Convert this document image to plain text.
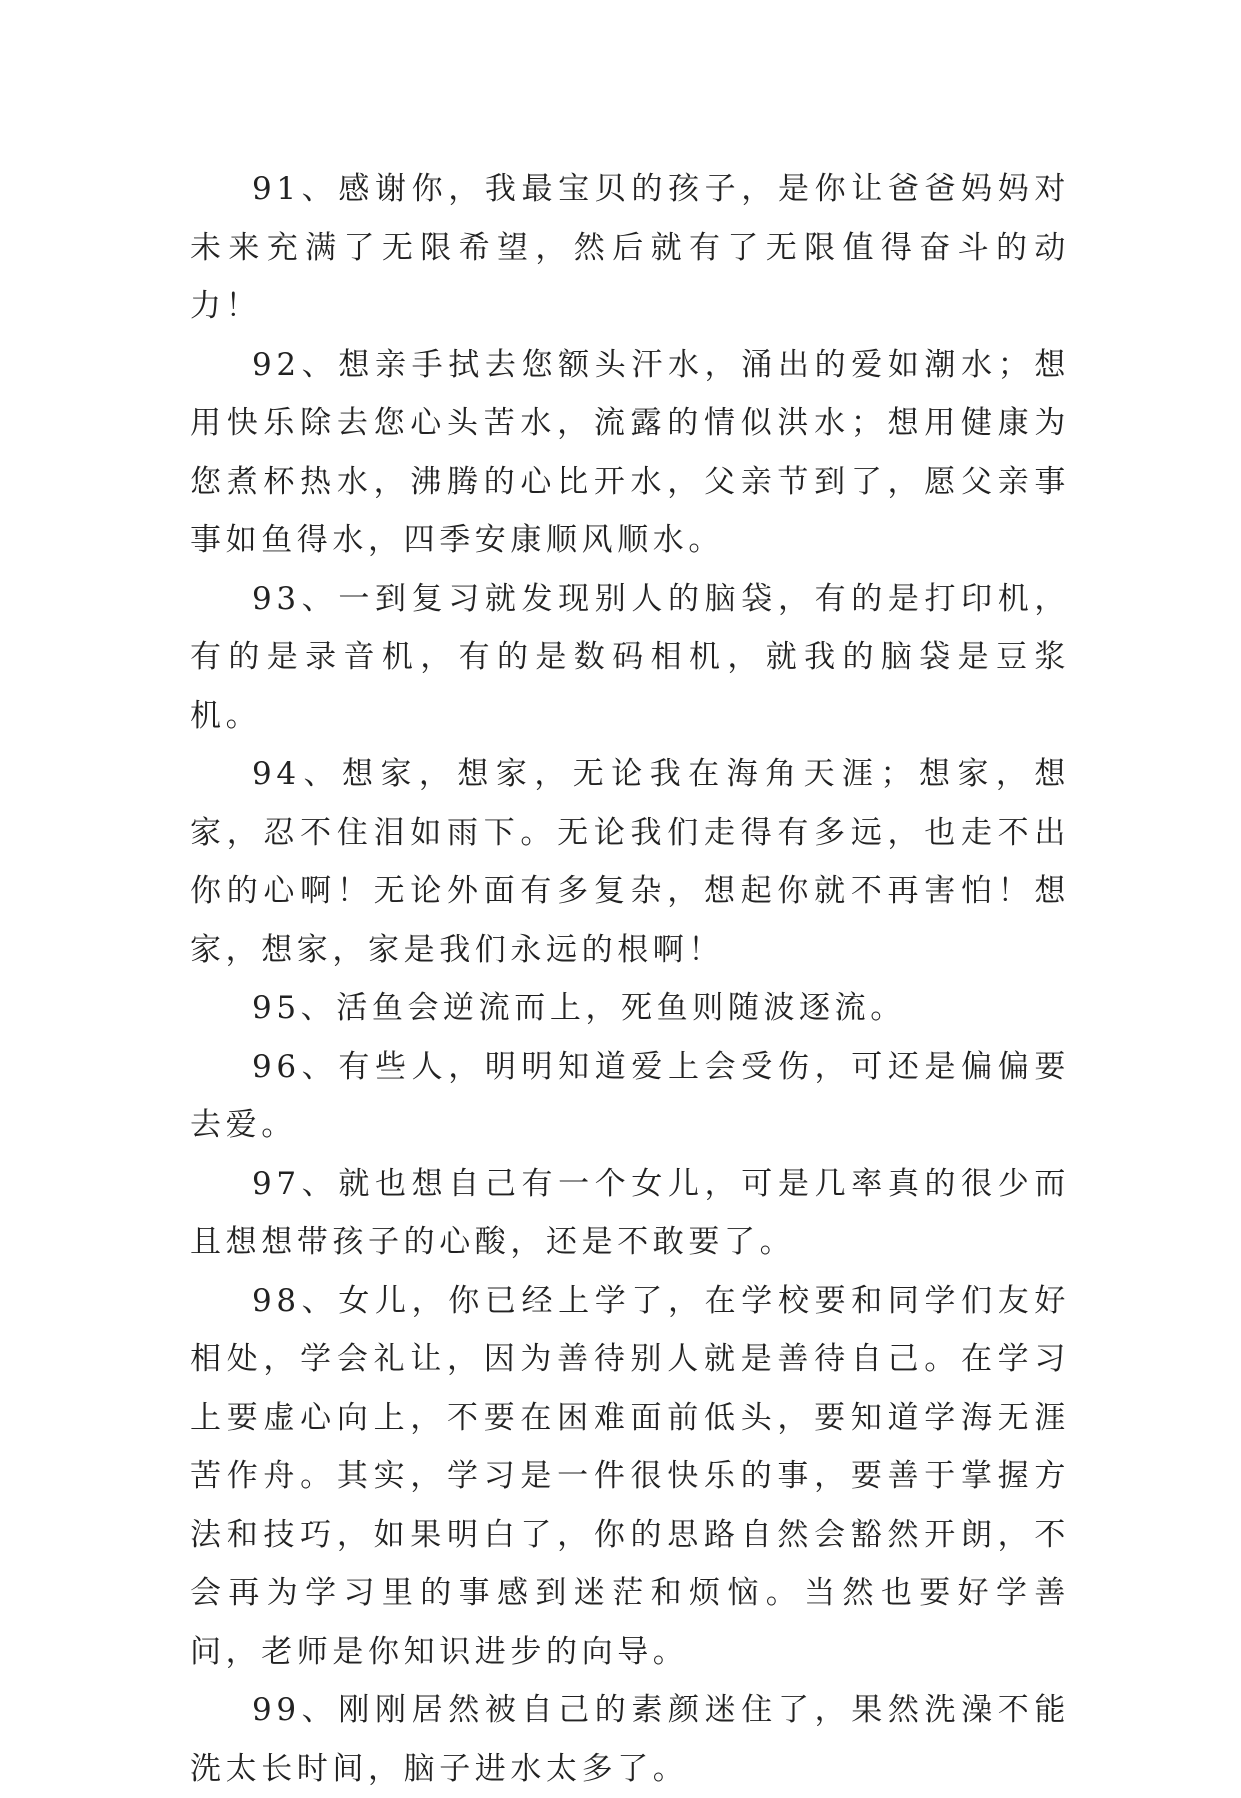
91、感谢你，我最宝贝的孩子，是你让爸爸妈妈对未来充满了无限希望，然后就有了无限值得奋斗的动力！

92、想亲手拭去您额头汗水，涌出的爱如潮水；想用快乐除去您心头苦水，流露的情似洪水；想用健康为您煮杯热水，沸腾的心比开水，父亲节到了，愿父亲事事如鱼得水，四季安康顺风顺水。

93、一到复习就发现别人的脑袋，有的是打印机，有的是录音机，有的是数码相机，就我的脑袋是豆浆机。

94、想家，想家，无论我在海角天涯；想家，想家，忍不住泪如雨下。无论我们走得有多远，也走不出你的心啊！无论外面有多复杂，想起你就不再害怕！想家，想家，家是我们永远的根啊！

95、活鱼会逆流而上，死鱼则随波逐流。

96、有些人，明明知道爱上会受伤，可还是偏偏要去爱。

97、就也想自己有一个女儿，可是几率真的很少而且想想带孩子的心酸，还是不敢要了。

98、女儿，你已经上学了，在学校要和同学们友好相处，学会礼让，因为善待别人就是善待自己。在学习上要虚心向上，不要在困难面前低头，要知道学海无涯苦作舟。其实，学习是一件很快乐的事，要善于掌握方法和技巧，如果明白了，你的思路自然会豁然开朗，不会再为学习里的事感到迷茫和烦恼。当然也要好学善问，老师是你知识进步的向导。

99、刚刚居然被自己的素颜迷住了，果然洗澡不能洗太长时间，脑子进水太多了。
